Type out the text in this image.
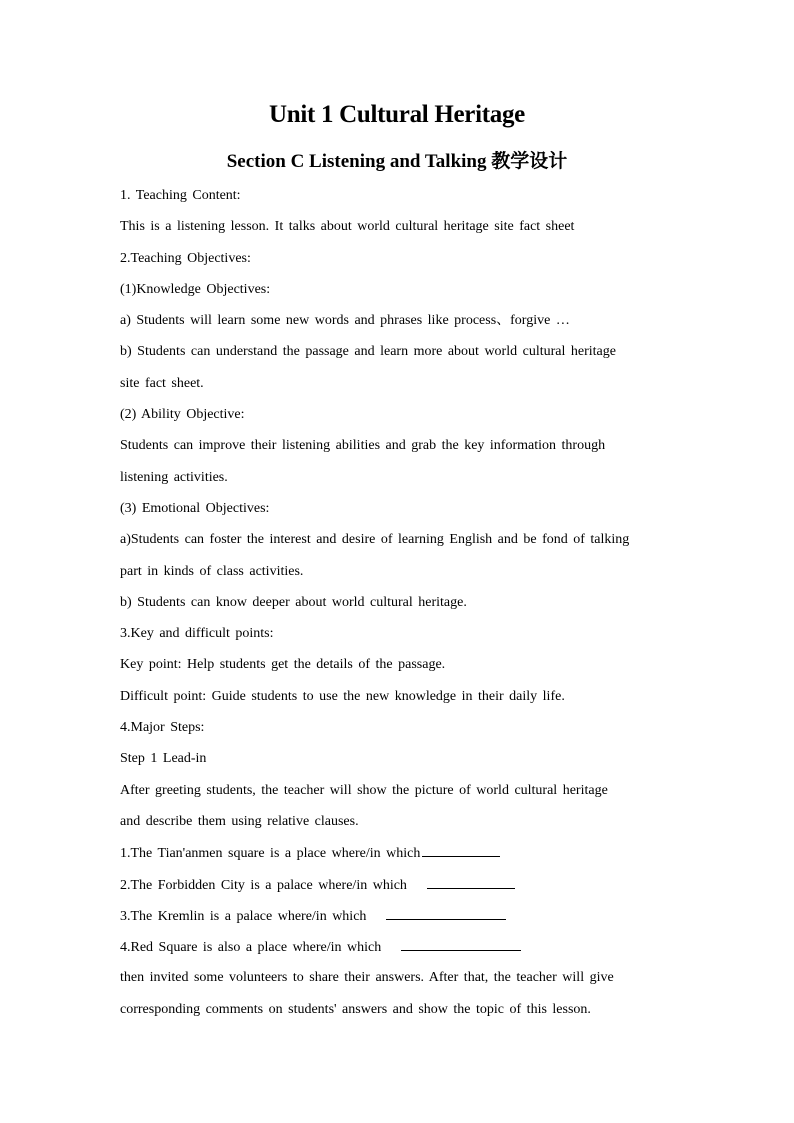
Unit 1 Cultural Heritage
Section C Listening and Talking 教学设计
1. Teaching Content:
This is a listening lesson. It talks about world cultural heritage site fact sheet
2.Teaching Objectives:
(1)Knowledge Objectives:
a) Students will learn some new words and phrases like process、forgive …
b) Students can understand the passage and learn more about world cultural heritage
site fact sheet.
(2) Ability Objective:
Students can improve their listening abilities and grab the key information through
listening activities.
(3) Emotional Objectives:
a)Students can foster the interest and desire of learning English and be fond of talking
part in kinds of class activities.
b) Students can know deeper about world cultural heritage.
3.Key and difficult points:
Key point: Help students get the details of the passage.
Difficult point: Guide students to use the new knowledge in their daily life.
4.Major Steps:
Step 1 Lead-in
After greeting students, the teacher will show the picture of world cultural heritage
and describe them using relative clauses.
1.The Tian'anmen square is a place where/in which
2.The Forbidden City is a palace where/in which
3.The Kremlin is a palace where/in which
4.Red Square is also a place where/in which
then invited some volunteers to share their answers. After that, the teacher will give
corresponding comments on students' answers and show the topic of this lesson.
